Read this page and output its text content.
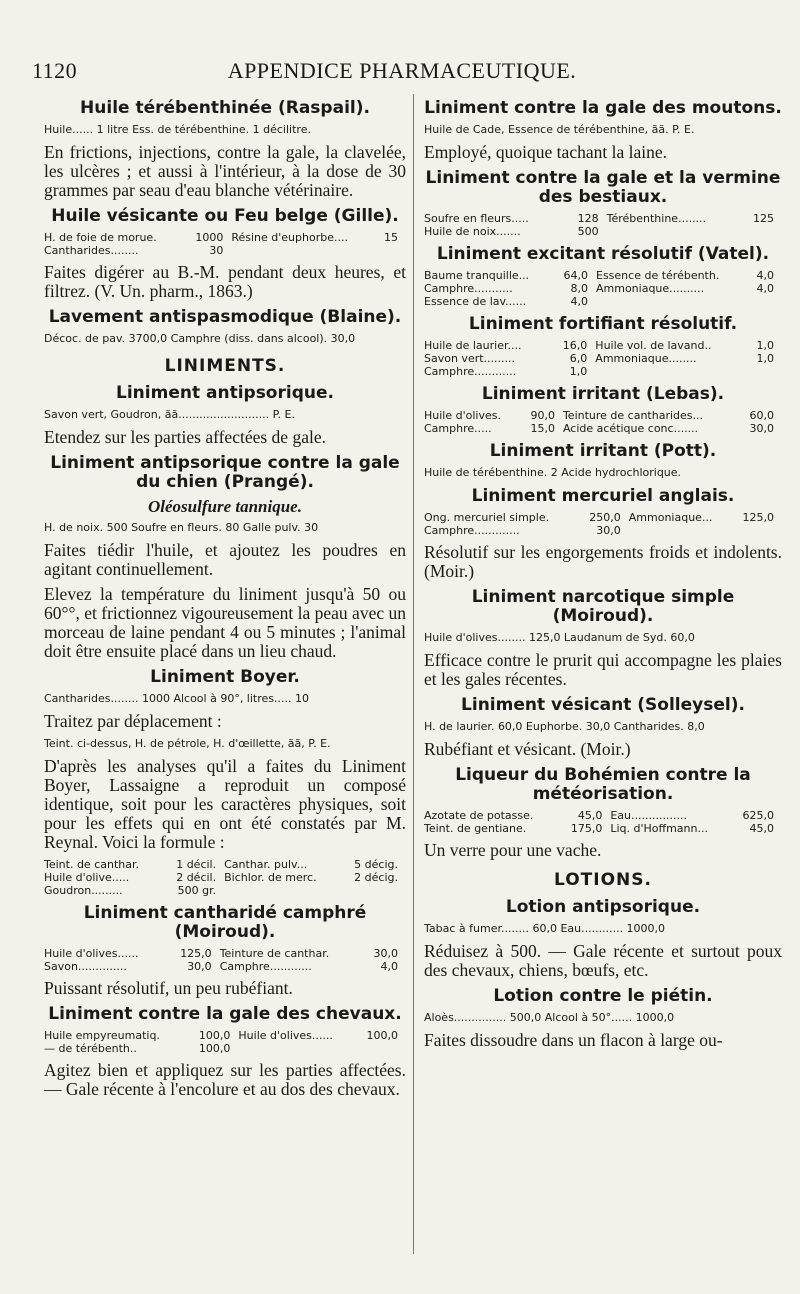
1120	APPENDICE PHARMACEUTIQUE.
Huile térébenthinée (Raspail).

Huile...... 1 litre Ess. de térébenthine. 1 décilitre.

En frictions, injections, contre la gale, la clavelée, les ulcères ; et aussi à l'intérieur, à la dose de 30 grammes par seau d'eau blanche vétérinaire.

Huile vésicante ou Feu belge (Gille).
H. de foie de morue.	1000	Résine d'euphorbe....	15
Cantharides........	30		

Faites digérer au B.-M. pendant deux heures, et filtrez. (V. Un. pharm., 1863.)

Lavement antispasmodique (Blaine).

Décoc. de pav. 3700,0 Camphre (diss. dans alcool). 30,0

LINIMENTS.
Liniment antipsorique.

Savon vert, Goudron, ãã.......................... P. E.

Etendez sur les parties affectées de gale.

Liniment antipsorique contre la gale du chien (Prangé).

Oléosulfure tannique.

H. de noix. 500 Soufre en fleurs. 80 Galle pulv. 30

Faites tiédir l'huile, et ajoutez les poudres en agitant continuellement.

Elevez la température du liniment jusqu'à 50 ou 60°°, et frictionnez vigoureusement la peau avec un morceau de laine pendant 4 ou 5 minutes ; l'animal doit être ensuite placé dans un lieu chaud.

Liniment Boyer.

Cantharides........ 1000 Alcool à 90°, litres..... 10

Traitez par déplacement :

Teint. ci-dessus, H. de pétrole, H. d'œillette, ãã, P. E.

D'après les analyses qu'il a faites du Liniment Boyer, Lassaigne a reproduit un composé identique, soit pour les caractères physiques, soit pour les effets qui en ont été constatés par M. Reynal. Voici la formule :

Teint. de canthar.	1 décil.	Canthar. pulv...	5 décig.
Huile d'olive.....	2 décil.	Bichlor. de merc.	2 décig.
Goudron.........	500 gr.		
Liniment cantharidé camphré (Moiroud).
Huile d'olives......	125,0	Teinture de canthar.	30,0
Savon..............	30,0	Camphre............	4,0

Puissant résolutif, un peu rubéfiant.

Liniment contre la gale des chevaux.
Huile empyreumatiq.	100,0	Huile d'olives......	100,0
— de térébenth..	100,0		

Agitez bien et appliquez sur les parties affectées. — Gale récente à l'encolure et au dos des chevaux.

Liniment contre la gale des moutons.

Huile de Cade, Essence de térébenthine, ãã. P. E.

Employé, quoique tachant la laine.

Liniment contre la gale et la vermine des bestiaux.
Soufre en fleurs.....	128	Térébenthine........	125
Huile de noix.......	500		
Liniment excitant résolutif (Vatel).
Baume tranquille...	64,0	Essence de térébenth.	4,0
Camphre...........	8,0	Ammoniaque..........	4,0
Essence de lav......	4,0		
Liniment fortifiant résolutif.
Huile de laurier....	16,0	Huile vol. de lavand..	1,0
Savon vert.........	6,0	Ammoniaque........	1,0
Camphre............	1,0		
Liniment irritant (Lebas).
Huile d'olives.	90,0	Teinture de cantharides...	60,0
Camphre.....	15,0	Acide acétique conc.......	30,0
Liniment irritant (Pott).

Huile de térébenthine. 2 Acide hydrochlorique.

Liniment mercuriel anglais.
Ong. mercuriel simple.	250,0	Ammoniaque...	125,0
Camphre.............	30,0		

Résolutif sur les engorgements froids et indolents. (Moir.)

Liniment narcotique simple (Moiroud).

Huile d'olives........ 125,0 Laudanum de Syd. 60,0

Efficace contre le prurit qui accompagne les plaies et les gales récentes.

Liniment vésicant (Solleysel).

H. de laurier. 60,0 Euphorbe. 30,0 Cantharides. 8,0

Rubéfiant et vésicant. (Moir.)

Liqueur du Bohémien contre la météorisation.
Azotate de potasse.	45,0	Eau................	625,0
Teint. de gentiane.	175,0	Liq. d'Hoffmann...	45,0

Un verre pour une vache.

LOTIONS.
Lotion antipsorique.

Tabac à fumer........ 60,0 Eau............ 1000,0

Réduisez à 500. — Gale récente et surtout poux des chevaux, chiens, bœufs, etc.

Lotion contre le piétin.

Aloès............... 500,0 Alcool à 50°...... 1000,0

Faites dissoudre dans un flacon à large ou-
